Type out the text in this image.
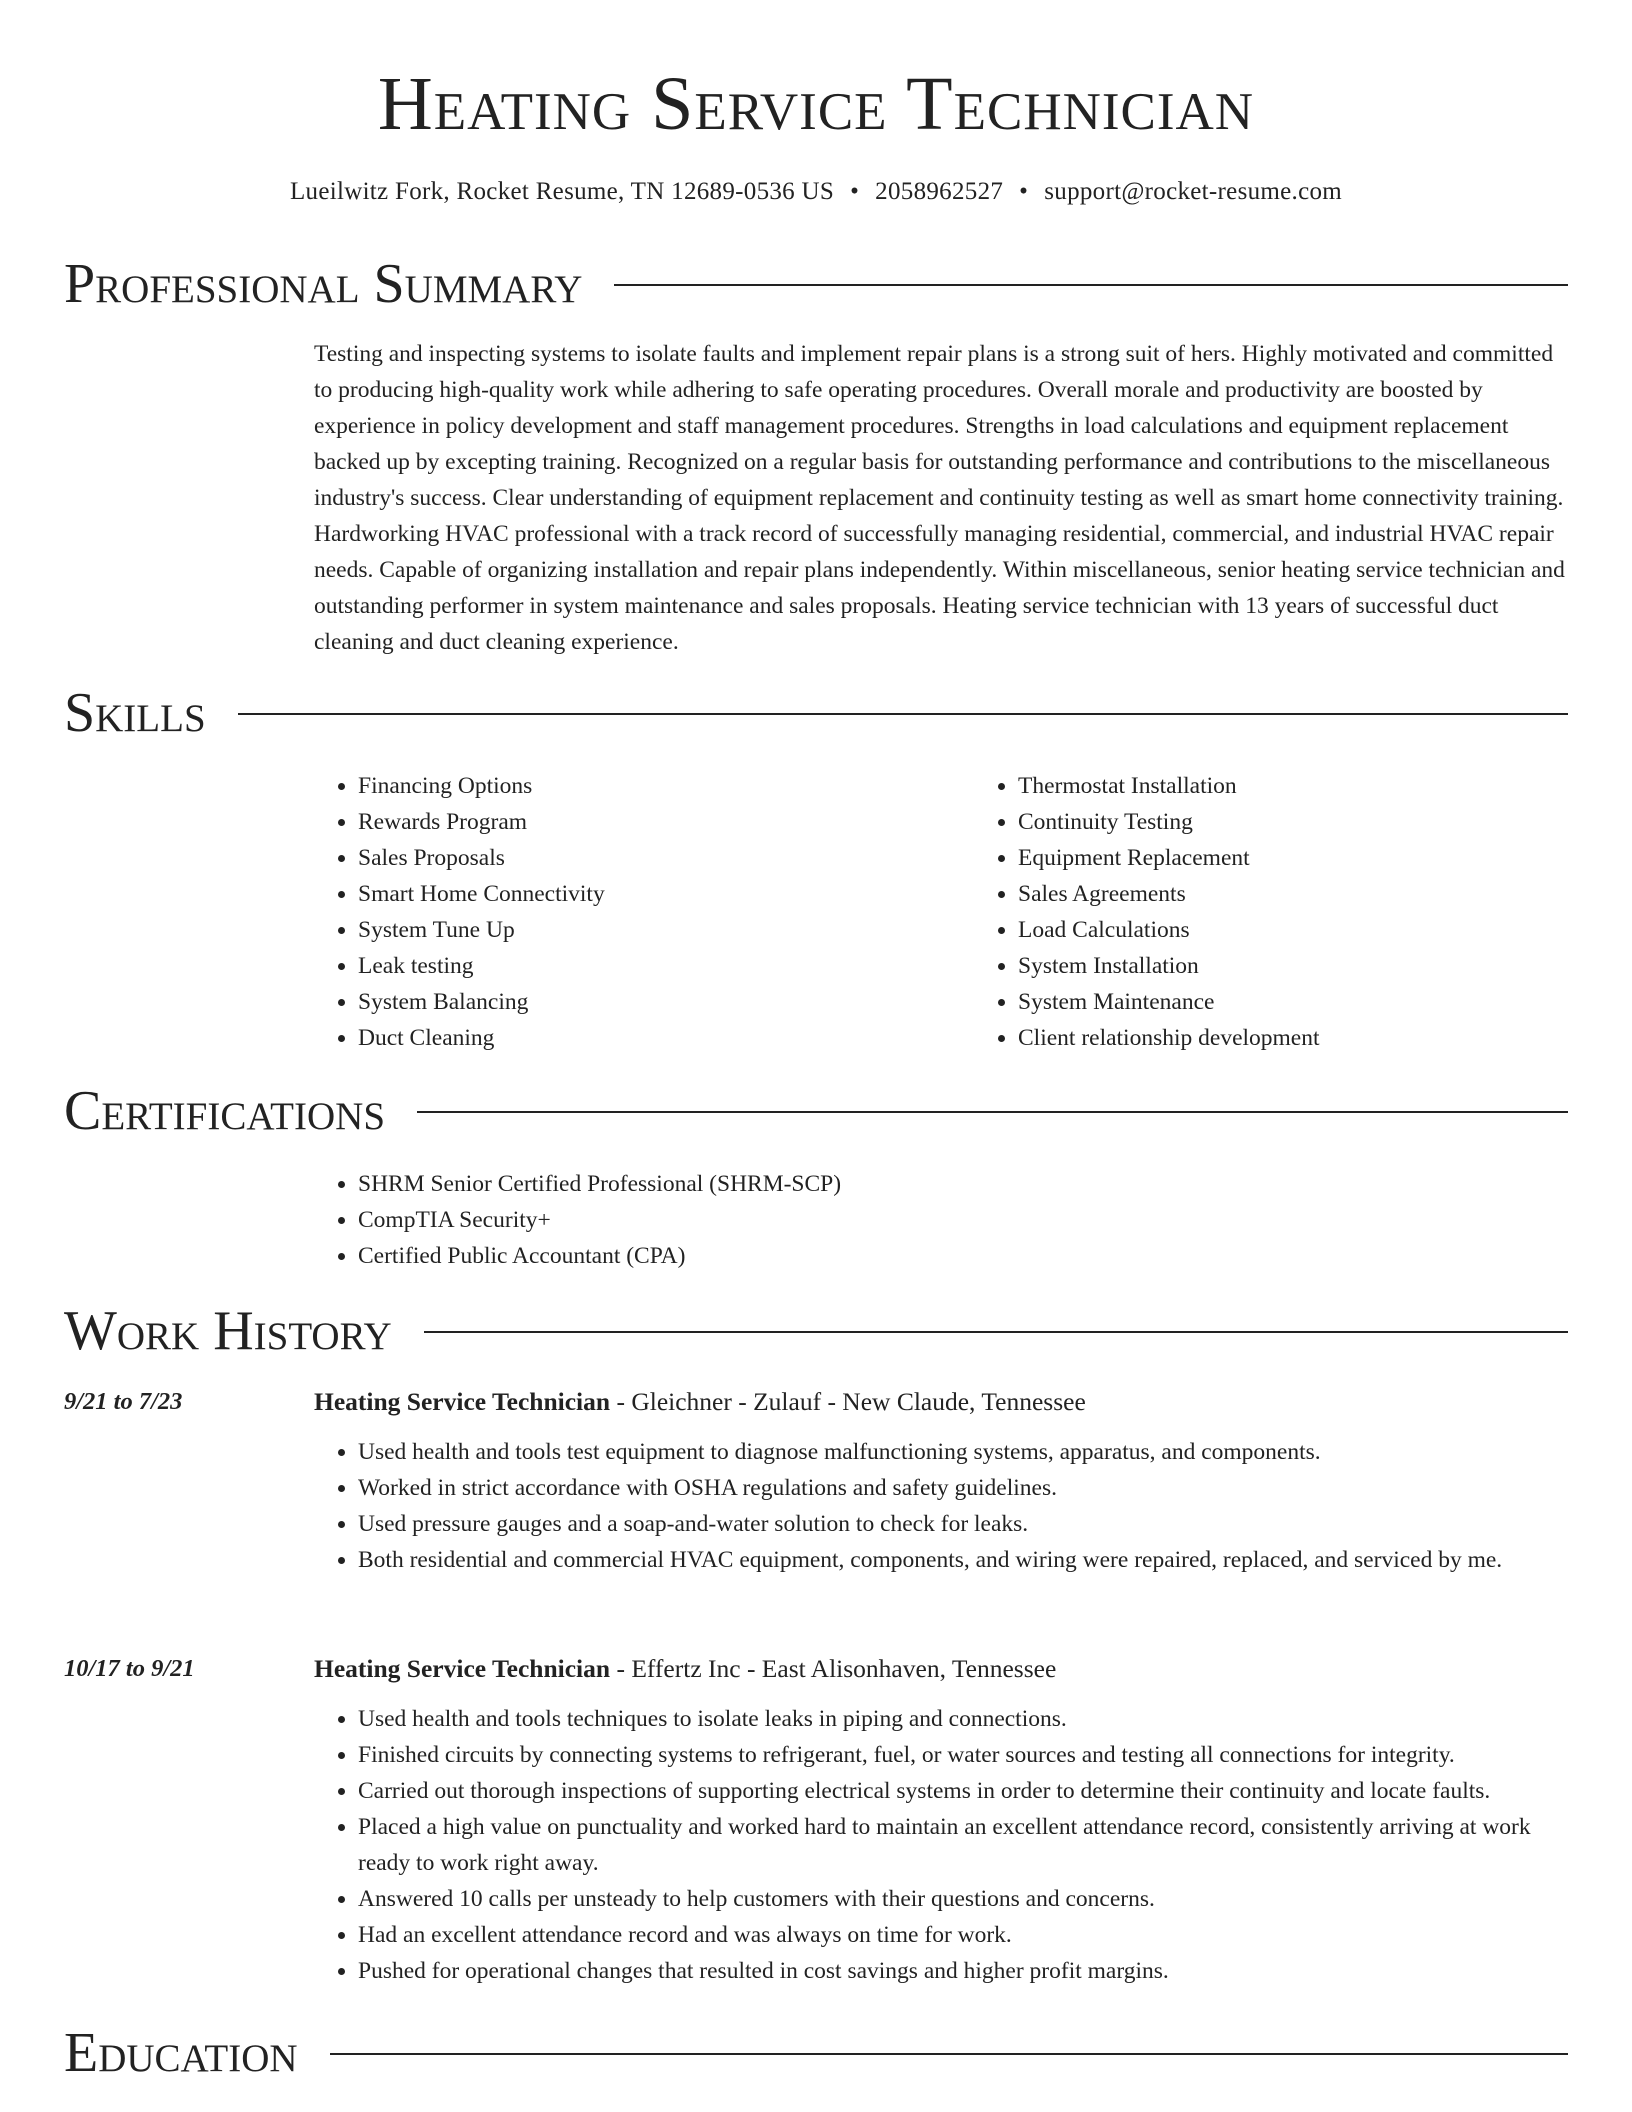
Heating Service Technician
Lueilwitz Fork, Rocket Resume, TN 12689-0536 US • 2058962527 • support@rocket-resume.com
Professional Summary

Testing and inspecting systems to isolate faults and implement repair plans is a strong suit of hers. Highly motivated and committed to producing high-quality work while adhering to safe operating procedures. Overall morale and productivity are boosted by experience in policy development and staff management procedures. Strengths in load calculations and equipment replacement backed up by excepting training. Recognized on a regular basis for outstanding performance and contributions to the miscellaneous industry's success. Clear understanding of equipment replacement and continuity testing as well as smart home connectivity training. Hardworking HVAC professional with a track record of successfully managing residential, commercial, and industrial HVAC repair needs. Capable of organizing installation and repair plans independently. Within miscellaneous, senior heating service technician and outstanding performer in system maintenance and sales proposals. Heating service technician with 13 years of successful duct cleaning and duct cleaning experience.

Skills
• Financing Options
• Rewards Program
• Sales Proposals
• Smart Home Connectivity
• System Tune Up
• Leak testing
• System Balancing
• Duct Cleaning
• Thermostat Installation
• Continuity Testing
• Equipment Replacement
• Sales Agreements
• Load Calculations
• System Installation
• System Maintenance
• Client relationship development
Certifications
• SHRM Senior Certified Professional (SHRM-SCP)
• CompTIA Security+
• Certified Public Accountant (CPA)
Work History
9/21 to 7/23	Heating Service Technician - Gleichner - Zulauf - New Claude, Tennessee
• Used health and tools test equipment to diagnose malfunctioning systems, apparatus, and components.
• Worked in strict accordance with OSHA regulations and safety guidelines.
• Used pressure gauges and a soap-and-water solution to check for leaks.
• Both residential and commercial HVAC equipment, components, and wiring were repaired, replaced, and serviced by me.
10/17 to 9/21	Heating Service Technician - Effertz Inc - East Alisonhaven, Tennessee
• Used health and tools techniques to isolate leaks in piping and connections.
• Finished circuits by connecting systems to refrigerant, fuel, or water sources and testing all connections for integrity.
• Carried out thorough inspections of supporting electrical systems in order to determine their continuity and locate faults.
• Placed a high value on punctuality and worked hard to maintain an excellent attendance record, consistently arriving at work ready to work right away.
• Answered 10 calls per unsteady to help customers with their questions and concerns.
• Had an excellent attendance record and was always on time for work.
• Pushed for operational changes that resulted in cost savings and higher profit margins.
Education
